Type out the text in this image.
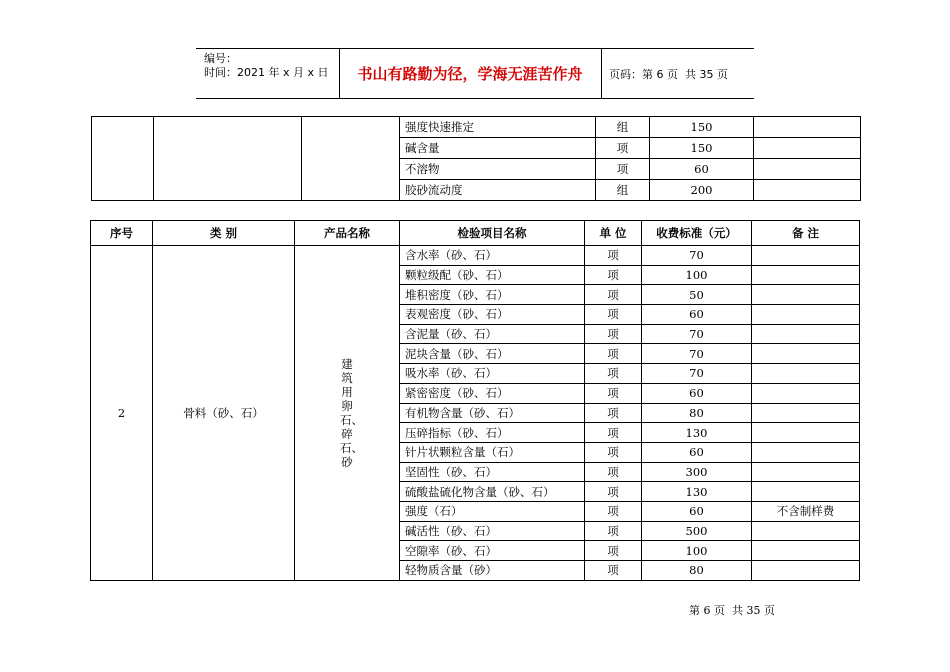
编号：
时间：2021 年 x 月 x 日	书山有路勤为径，学海无涯苦作舟	页码：第 6 页  共 35 页
			强度快速推定	组	150	
			碱含量	项	150	
			不溶物	项	60	
			胶砂流动度	组	200	
序号	类 别	产品名称	检验项目名称	单 位	收费标准（元）	备 注
2	骨料（砂、石）	建筑用卵石、碎石、砂	含水率（砂、石）	项	70	
			颗粒级配（砂、石）	项	100	
			堆积密度（砂、石）	项	50	
			表观密度（砂、石）	项	60	
			含泥量（砂、石）	项	70	
			泥块含量（砂、石）	项	70	
			吸水率（砂、石）	项	70	
			紧密密度（砂、石）	项	60	
			有机物含量（砂、石）	项	80	
			压碎指标（砂、石）	项	130	
			针片状颗粒含量（石）	项	60	
			坚固性（砂、石）	项	300	
			硫酸盐硫化物含量（砂、石）	项	130	
			强度（石）	项	60	不含制样费
			碱活性（砂、石）	项	500	
			空隙率（砂、石）	项	100	
			轻物质含量（砂）	项	80	
第 6 页  共 35 页
